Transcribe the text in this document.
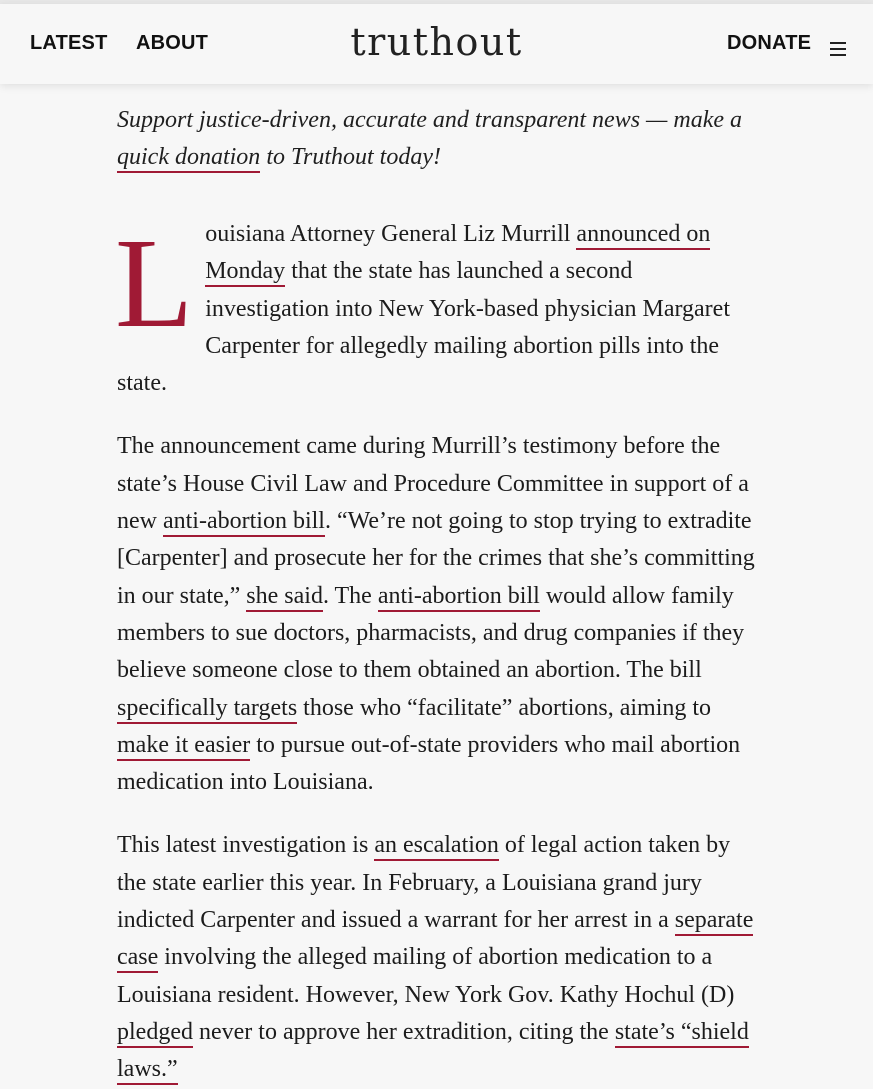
LATEST ABOUT	truthout	DONATE

Support justice-driven, accurate and transparent news — make a quick donation to Truthout today!

Louisiana Attorney General Liz Murrill announced on Monday that the state has launched a second investigation into New York-based physician Margaret Carpenter for allegedly mailing abortion pills into the state.

The announcement came during Murrill’s testimony before the state’s House Civil Law and Procedure Committee in support of a new anti-abortion bill. “We’re not going to stop trying to extradite [Carpenter] and prosecute her for the crimes that she’s committing in our state,” she said. The anti-abortion bill would allow family members to sue doctors, pharmacists, and drug companies if they believe someone close to them obtained an abortion. The bill specifically targets those who “facilitate” abortions, aiming to make it easier to pursue out-of-state providers who mail abortion medication into Louisiana.

This latest investigation is an escalation of legal action taken by the state earlier this year. In February, a Louisiana grand jury indicted Carpenter and issued a warrant for her arrest in a separate case involving the alleged mailing of abortion medication to a Louisiana resident. However, New York Gov. Kathy Hochul (D) pledged never to approve her extradition, citing the state’s “shield laws.”
